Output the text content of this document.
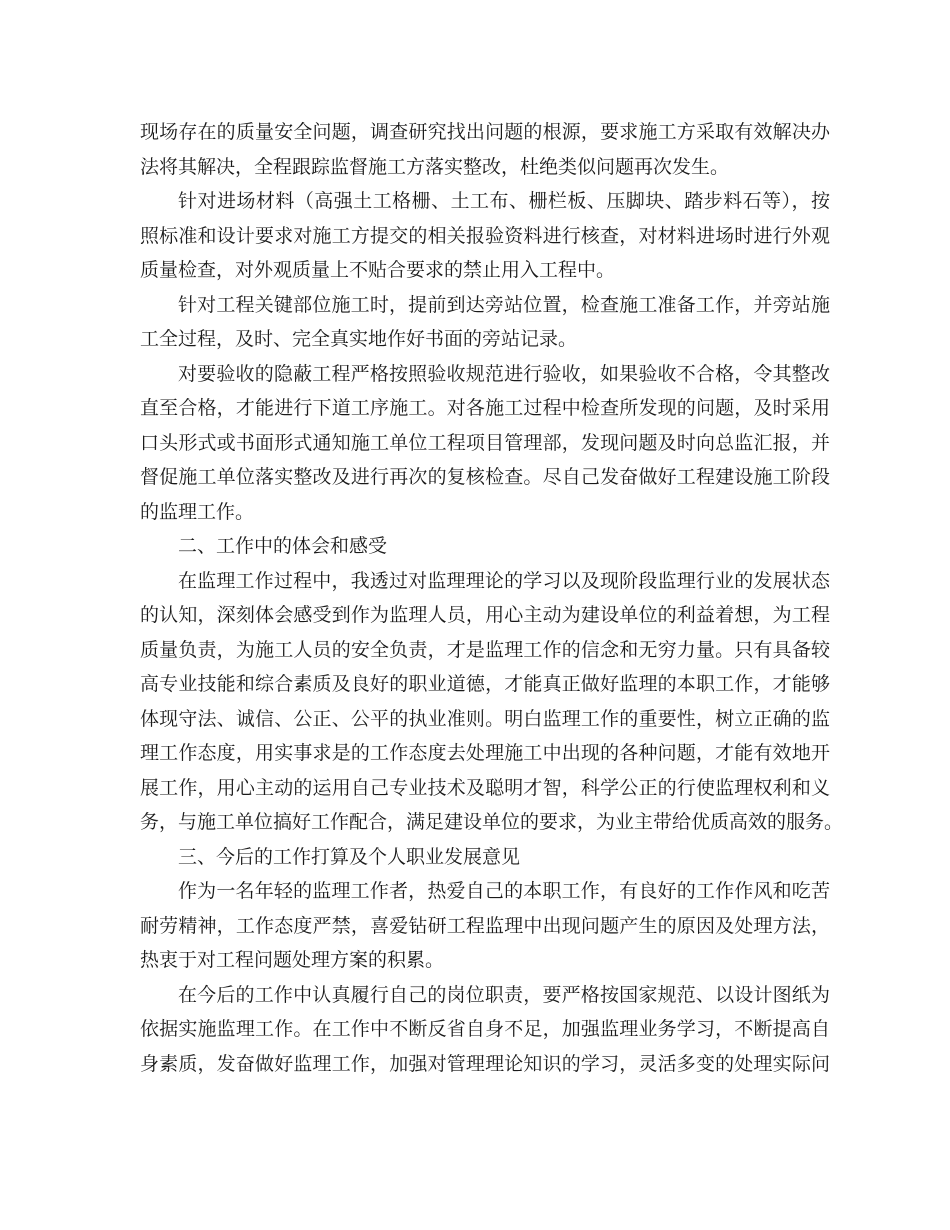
现场存在的质量安全问题，调查研究找出问题的根源，要求施工方采取有效解决办
法将其解决，全程跟踪监督施工方落实整改，杜绝类似问题再次发生。
针对进场材料（高强土工格栅、土工布、栅栏板、压脚块、踏步料石等），按
照标准和设计要求对施工方提交的相关报验资料进行核查，对材料进场时进行外观
质量检查，对外观质量上不贴合要求的禁止用入工程中。
针对工程关键部位施工时，提前到达旁站位置，检查施工准备工作，并旁站施
工全过程，及时、完全真实地作好书面的旁站记录。
对要验收的隐蔽工程严格按照验收规范进行验收，如果验收不合格，令其整改
直至合格，才能进行下道工序施工。对各施工过程中检查所发现的问题，及时采用
口头形式或书面形式通知施工单位工程项目管理部，发现问题及时向总监汇报，并
督促施工单位落实整改及进行再次的复核检查。尽自己发奋做好工程建设施工阶段
的监理工作。
二、工作中的体会和感受
在监理工作过程中，我透过对监理理论的学习以及现阶段监理行业的发展状态
的认知，深刻体会感受到作为监理人员，用心主动为建设单位的利益着想，为工程
质量负责，为施工人员的安全负责，才是监理工作的信念和无穷力量。只有具备较
高专业技能和综合素质及良好的职业道德，才能真正做好监理的本职工作，才能够
体现守法、诚信、公正、公平的执业准则。明白监理工作的重要性，树立正确的监
理工作态度，用实事求是的工作态度去处理施工中出现的各种问题，才能有效地开
展工作，用心主动的运用自己专业技术及聪明才智，科学公正的行使监理权利和义
务，与施工单位搞好工作配合，满足建设单位的要求，为业主带给优质高效的服务。
三、今后的工作打算及个人职业发展意见
作为一名年轻的监理工作者，热爱自己的本职工作，有良好的工作作风和吃苦
耐劳精神，工作态度严禁，喜爱钻研工程监理中出现问题产生的原因及处理方法，
热衷于对工程问题处理方案的积累。
在今后的工作中认真履行自己的岗位职责，要严格按国家规范、以设计图纸为
依据实施监理工作。在工作中不断反省自身不足，加强监理业务学习，不断提高自
身素质，发奋做好监理工作，加强对管理理论知识的学习，灵活多变的处理实际问
